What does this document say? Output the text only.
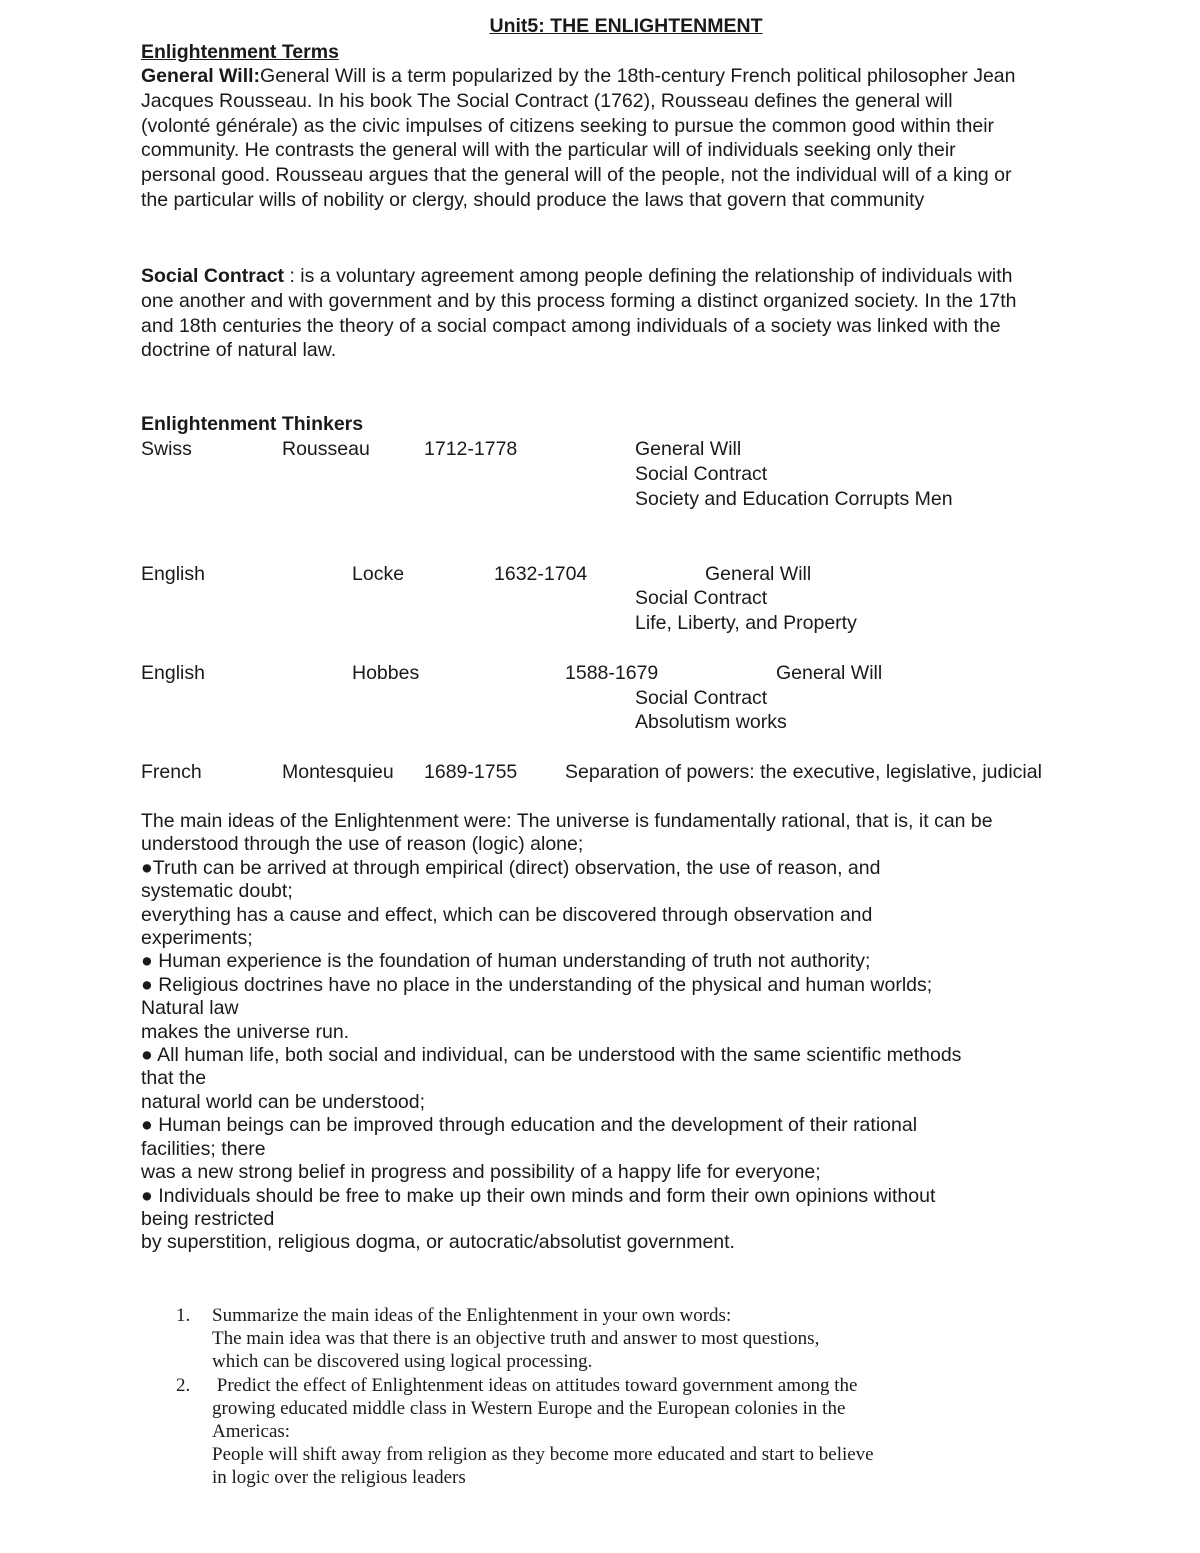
Unit5: THE ENLIGHTENMENT
Enlightenment Terms
General Will:General Will is a term popularized by the 18th-century French political philosopher Jean
Jacques Rousseau. In his book The Social Contract (1762), Rousseau defines the general will
(volonté générale) as the civic impulses of citizens seeking to pursue the common good within their
community. He contrasts the general will with the particular will of individuals seeking only their
personal good. Rousseau argues that the general will of the people, not the individual will of a king or
the particular wills of nobility or clergy, should produce the laws that govern that community
Social Contract : is a voluntary agreement among people defining the relationship of individuals with
one another and with government and by this process forming a distinct organized society. In the 17th
and 18th centuries the theory of a social compact among individuals of a society was linked with the
doctrine of natural law.
Enlightenment Thinkers
Swiss	Rousseau	1712-1778	General Will
Social Contract
Society and Education Corrupts Men
English	Locke	1632-1704	General Will
Social Contract
Life, Liberty, and Property
English	Hobbes	1588-1679	General Will
Social Contract
Absolutism works
French	Montesquieu 1689-1755 Separation of powers: the executive, legislative, judicial
The main ideas of the Enlightenment were: The universe is fundamentally rational, that is, it can be
understood through the use of reason (logic) alone;
●Truth can be arrived at through empirical (direct) observation, the use of reason, and
systematic doubt;
everything has a cause and effect, which can be discovered through observation and
experiments;
● Human experience is the foundation of human understanding of truth not authority;
● Religious doctrines have no place in the understanding of the physical and human worlds;
Natural law
makes the universe run.
● All human life, both social and individual, can be understood with the same scientific methods
that the
natural world can be understood;
● Human beings can be improved through education and the development of their rational
facilities; there
was a new strong belief in progress and possibility of a happy life for everyone;
● Individuals should be free to make up their own minds and form their own opinions without
being restricted
by superstition, religious dogma, or autocratic/absolutist government.
1. Summarize the main ideas of the Enlightenment in your own words:
The main idea was that there is an objective truth and answer to most questions,
which can be discovered using logical processing.
2. Predict the effect of Enlightenment ideas on attitudes toward government among the
growing educated middle class in Western Europe and the European colonies in the
Americas:
People will shift away from religion as they become more educated and start to believe
in logic over the religious leaders
